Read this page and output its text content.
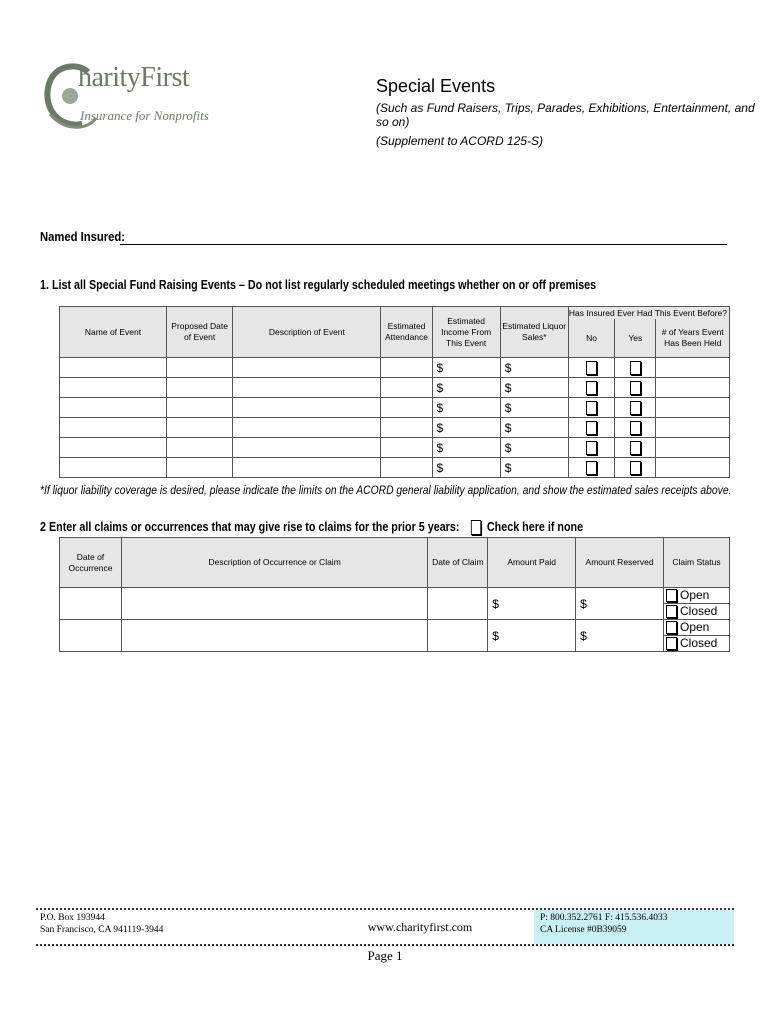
harityFirst
Insurance for Nonprofits
Special Events
(Such as Fund Raisers, Trips, Parades, Exhibitions, Entertainment, and so on)
(Supplement to ACORD 125-S)
Named Insured:
1. List all Special Fund Raising Events – Do not list regularly scheduled meetings whether on or off premises
Name of Event	Proposed Date of Event	Description of Event	Estimated Attendance	Estimated Income From This Event	Estimated Liquor Sales*	Has Insured Ever Had This Event Before?		
						No	Yes	# of Years Event Has Been Held
				$	$			
				$	$			
				$	$			
				$	$			
				$	$			
				$	$			
*If liquor liability coverage is desired, please indicate the limits on the ACORD general liability application, and show the estimated sales receipts above.
2 Enter all claims or occurrences that may give rise to claims for the prior 5 years: Check here if none
Date of Occurrence	Description of Occurrence or Claim	Date of Claim	Amount Paid	Amount Reserved	Claim Status
			$	$	Open
Closed

			$	$	Open
Closed
P.O. Box 193944
San Francisco, CA 941119-3944	www.charityfirst.com
P: 800.352.2761 F: 415.536.4033
CA License #0B39059
Page 1
